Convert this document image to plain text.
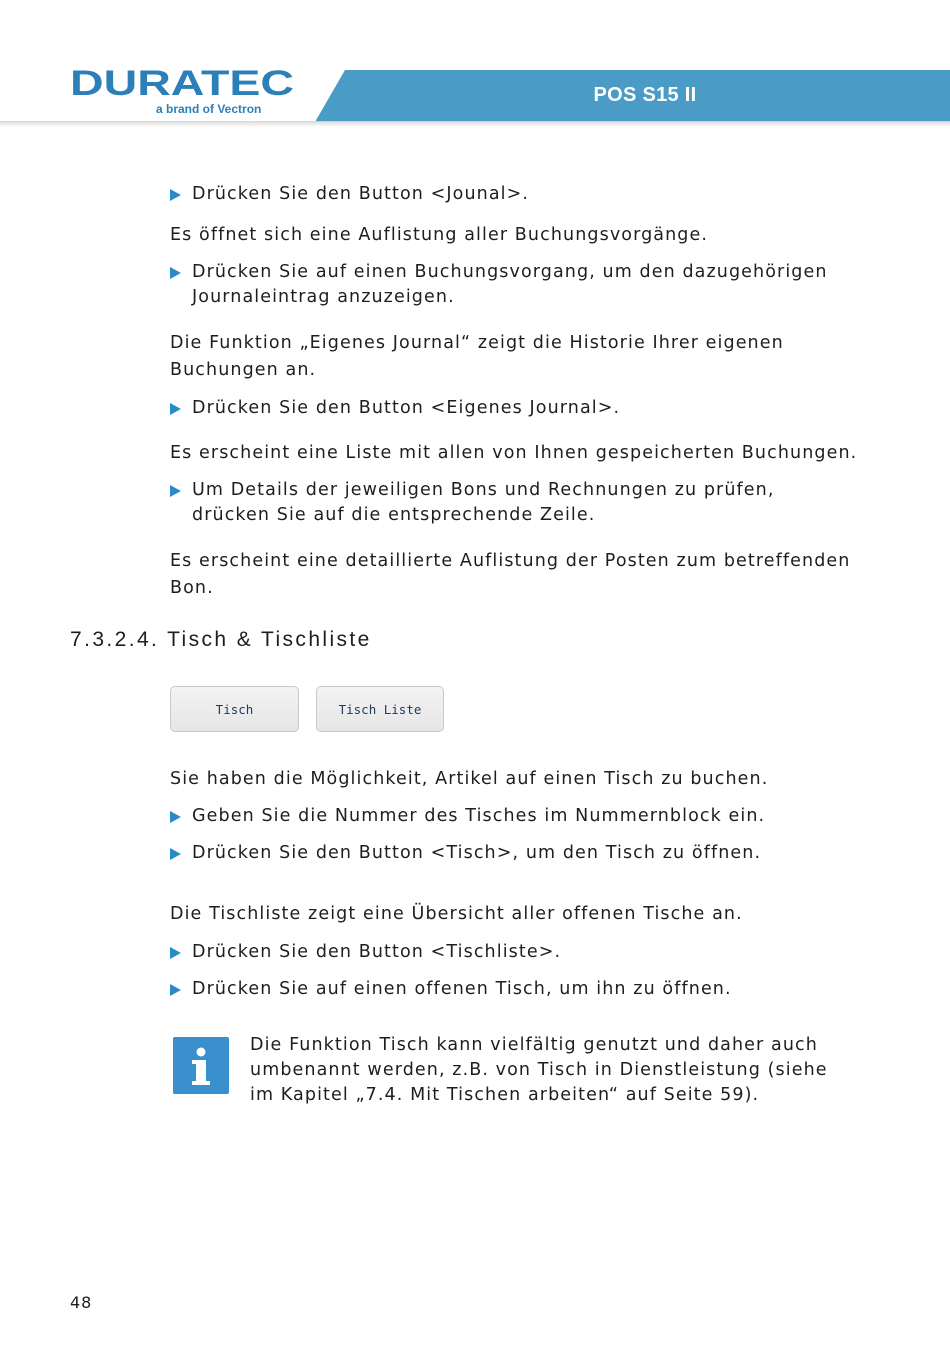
DURATEC
a brand of Vectron
POS S15 II
Drücken Sie den Button <Jounal>.

Es öffnet sich eine Auflistung aller Buchungsvorgänge.

Drücken Sie auf einen Buchungsvorgang, um den dazugehörigen
Journaleintrag anzuzeigen.
Die Funktion „Eigenes Journal“ zeigt die Historie Ihrer eigenen
Buchungen an.
Drücken Sie den Button <Eigenes Journal>.

Es erscheint eine Liste mit allen von Ihnen gespeicherten Buchungen.

Um Details der jeweiligen Bons und Rechnungen zu prüfen,
drücken Sie auf die entsprechende Zeile.
Es erscheint eine detaillierte Auflistung der Posten zum betreffenden
Bon.
7.3.2.4. Tisch & Tischliste
Tisch	Tisch Liste

Sie haben die Möglichkeit, Artikel auf einen Tisch zu buchen.

Geben Sie die Nummer des Tisches im Nummernblock ein.
Drücken Sie den Button <Tisch>, um den Tisch zu öffnen.

Die Tischliste zeigt eine Übersicht aller offenen Tische an.

Drücken Sie den Button <Tischliste>.
Drücken Sie auf einen offenen Tisch, um ihn zu öffnen.
Die Funktion Tisch kann vielfältig genutzt und daher auch
umbenannt werden, z.B. von Tisch in Dienstleistung (siehe
im Kapitel „7.4. Mit Tischen arbeiten“ auf Seite 59).
48
